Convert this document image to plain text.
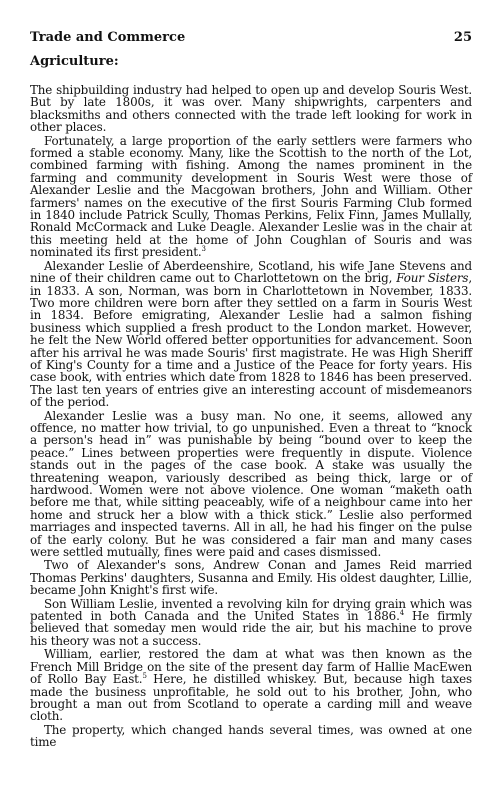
Trade and Commerce	25
Agriculture:

The shipbuilding industry had helped to open up and develop Souris West. But by late 1800s, it was over. Many shipwrights, carpenters and blacksmiths and others connected with the trade left looking for work in other places.

Fortunately, a large proportion of the early settlers were farmers who formed a stable economy. Many, like the Scottish to the north of the Lot, combined farming with fishing. Among the names prominent in the farming and community development in Souris West were those of Alexander Leslie and the Macgowan brothers, John and William. Other farmers' names on the executive of the first Souris Farming Club formed in 1840 include Patrick Scully, Thomas Perkins, Felix Finn, James Mullally, Ronald McCormack and Luke Deagle. Alexander Leslie was in the chair at this meeting held at the home of John Coughlan of Souris and was nominated its first president.$^3$

Alexander Leslie of Aberdeenshire, Scotland, his wife Jane Stevens and nine of their children came out to Charlottetown on the brig, Four Sisters, in 1833. A son, Norman, was born in Charlottetown in November, 1833. Two more children were born after they settled on a farm in Souris West in 1834. Before emigrating, Alexander Leslie had a salmon fishing business which supplied a fresh product to the London market. However, he felt the New World offered better opportunities for advancement. Soon after his arrival he was made Souris' first magistrate. He was High Sheriff of King's County for a time and a Justice of the Peace for forty years. His case book, with entries which date from 1828 to 1846 has been preserved. The last ten years of entries give an interesting account of misdemeanors of the period.

Alexander Leslie was a busy man. No one, it seems, allowed any offence, no matter how trivial, to go unpunished. Even a threat to “knock a person's head in” was punishable by being “bound over to keep the peace.” Lines between properties were frequently in dispute. Violence stands out in the pages of the case book. A stake was usually the threatening weapon, variously described as being thick, large or of hardwood. Women were not above violence. One woman “maketh oath before me that, while sitting peaceably, wife of a neighbour came into her home and struck her a blow with a thick stick.” Leslie also performed marriages and inspected taverns. All in all, he had his finger on the pulse of the early colony. But he was considered a fair man and many cases were settled mutually, fines were paid and cases dismissed.

Two of Alexander's sons, Andrew Conan and James Reid married Thomas Perkins' daughters, Susanna and Emily. His oldest daughter, Lillie, became John Knight's first wife.

Son William Leslie, invented a revolving kiln for drying grain which was patented in both Canada and the United States in 1886.$^4$ He firmly believed that someday men would ride the air, but his machine to prove his theory was not a success.

William, earlier, restored the dam at what was then known as the French Mill Bridge on the site of the present day farm of Hallie MacEwen of Rollo Bay East.$^5$ Here, he distilled whiskey. But, because high taxes made the business unprofitable, he sold out to his brother, John, who brought a man out from Scotland to operate a carding mill and weave cloth.

The property, which changed hands several times, was owned at one time
